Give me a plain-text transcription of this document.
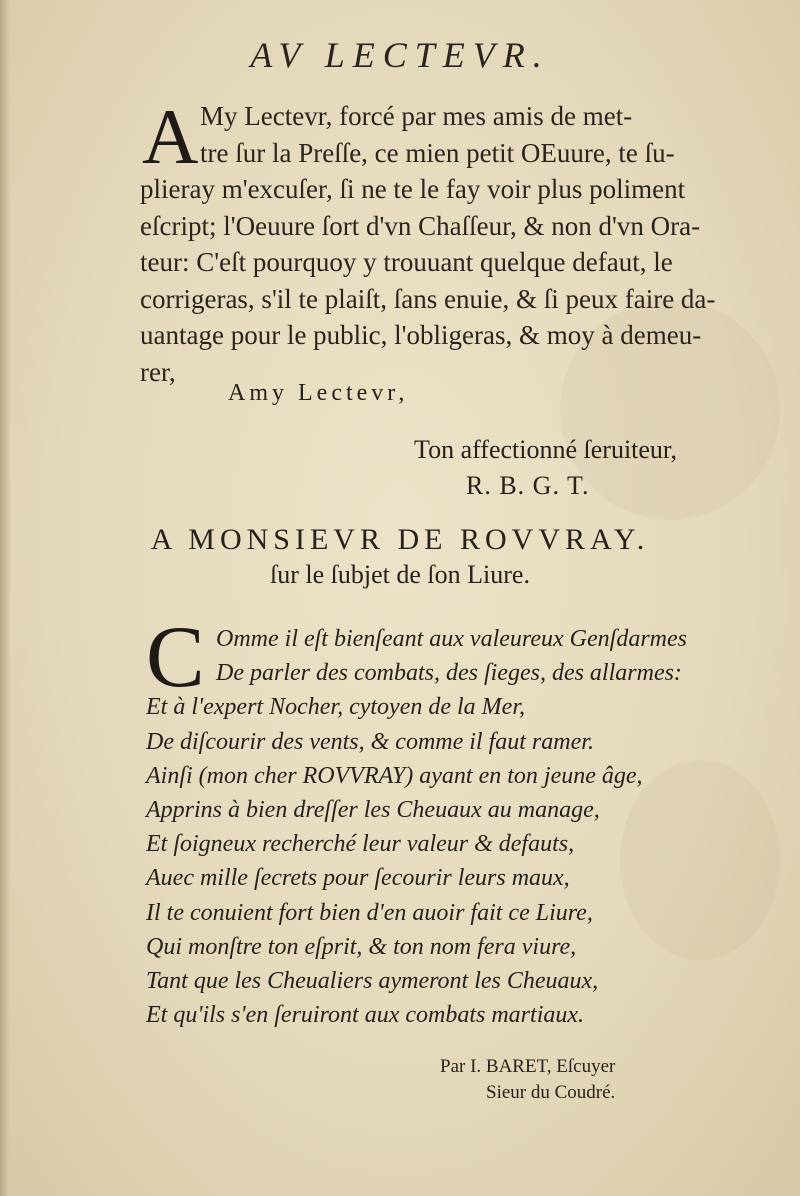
AV LECTEVR.
A My Lectevr, forcé par mes amis de met-
tre ſur la Preſſe, ce mien petit OEuure, te ſu-
plieray m'excuſer, ſi ne te le fay voir plus poliment
eſcript; l'Oeuure ſort d'vn Chaſſeur, & non d'vn Ora-
teur: C'eſt pourquoy y trouuant quelque defaut, le
corrigeras, s'il te plaiſt, ſans enuie, & ſi peux faire da-
uantage pour le public, l'obligeras, & moy à demeu-
rer,
Amy Lectevr,
Ton affectionné ſeruiteur,
R. B. G. T.
A MONSIEVR DE ROVVRAY.
ſur le ſubjet de ſon Liure.
C Omme il eſt bienſeant aux valeureux Genſdarmes
De parler des combats, des ſieges, des allarmes:
Et à l'expert Nocher, cytoyen de la Mer,
De diſcourir des vents, & comme il faut ramer.
Ainſi (mon cher ROVVRAY) ayant en ton jeune âge,
Apprins à bien dreſſer les Cheuaux au manage,
Et ſoigneux recherché leur valeur & defauts,
Auec mille ſecrets pour ſecourir leurs maux,
Il te conuient fort bien d'en auoir fait ce Liure,
Qui monſtre ton eſprit, & ton nom fera viure,
Tant que les Cheualiers aymeront les Cheuaux,
Et qu'ils s'en ſeruiront aux combats martiaux.
Par I. BARET, Eſcuyer
Sieur du Coudré.
